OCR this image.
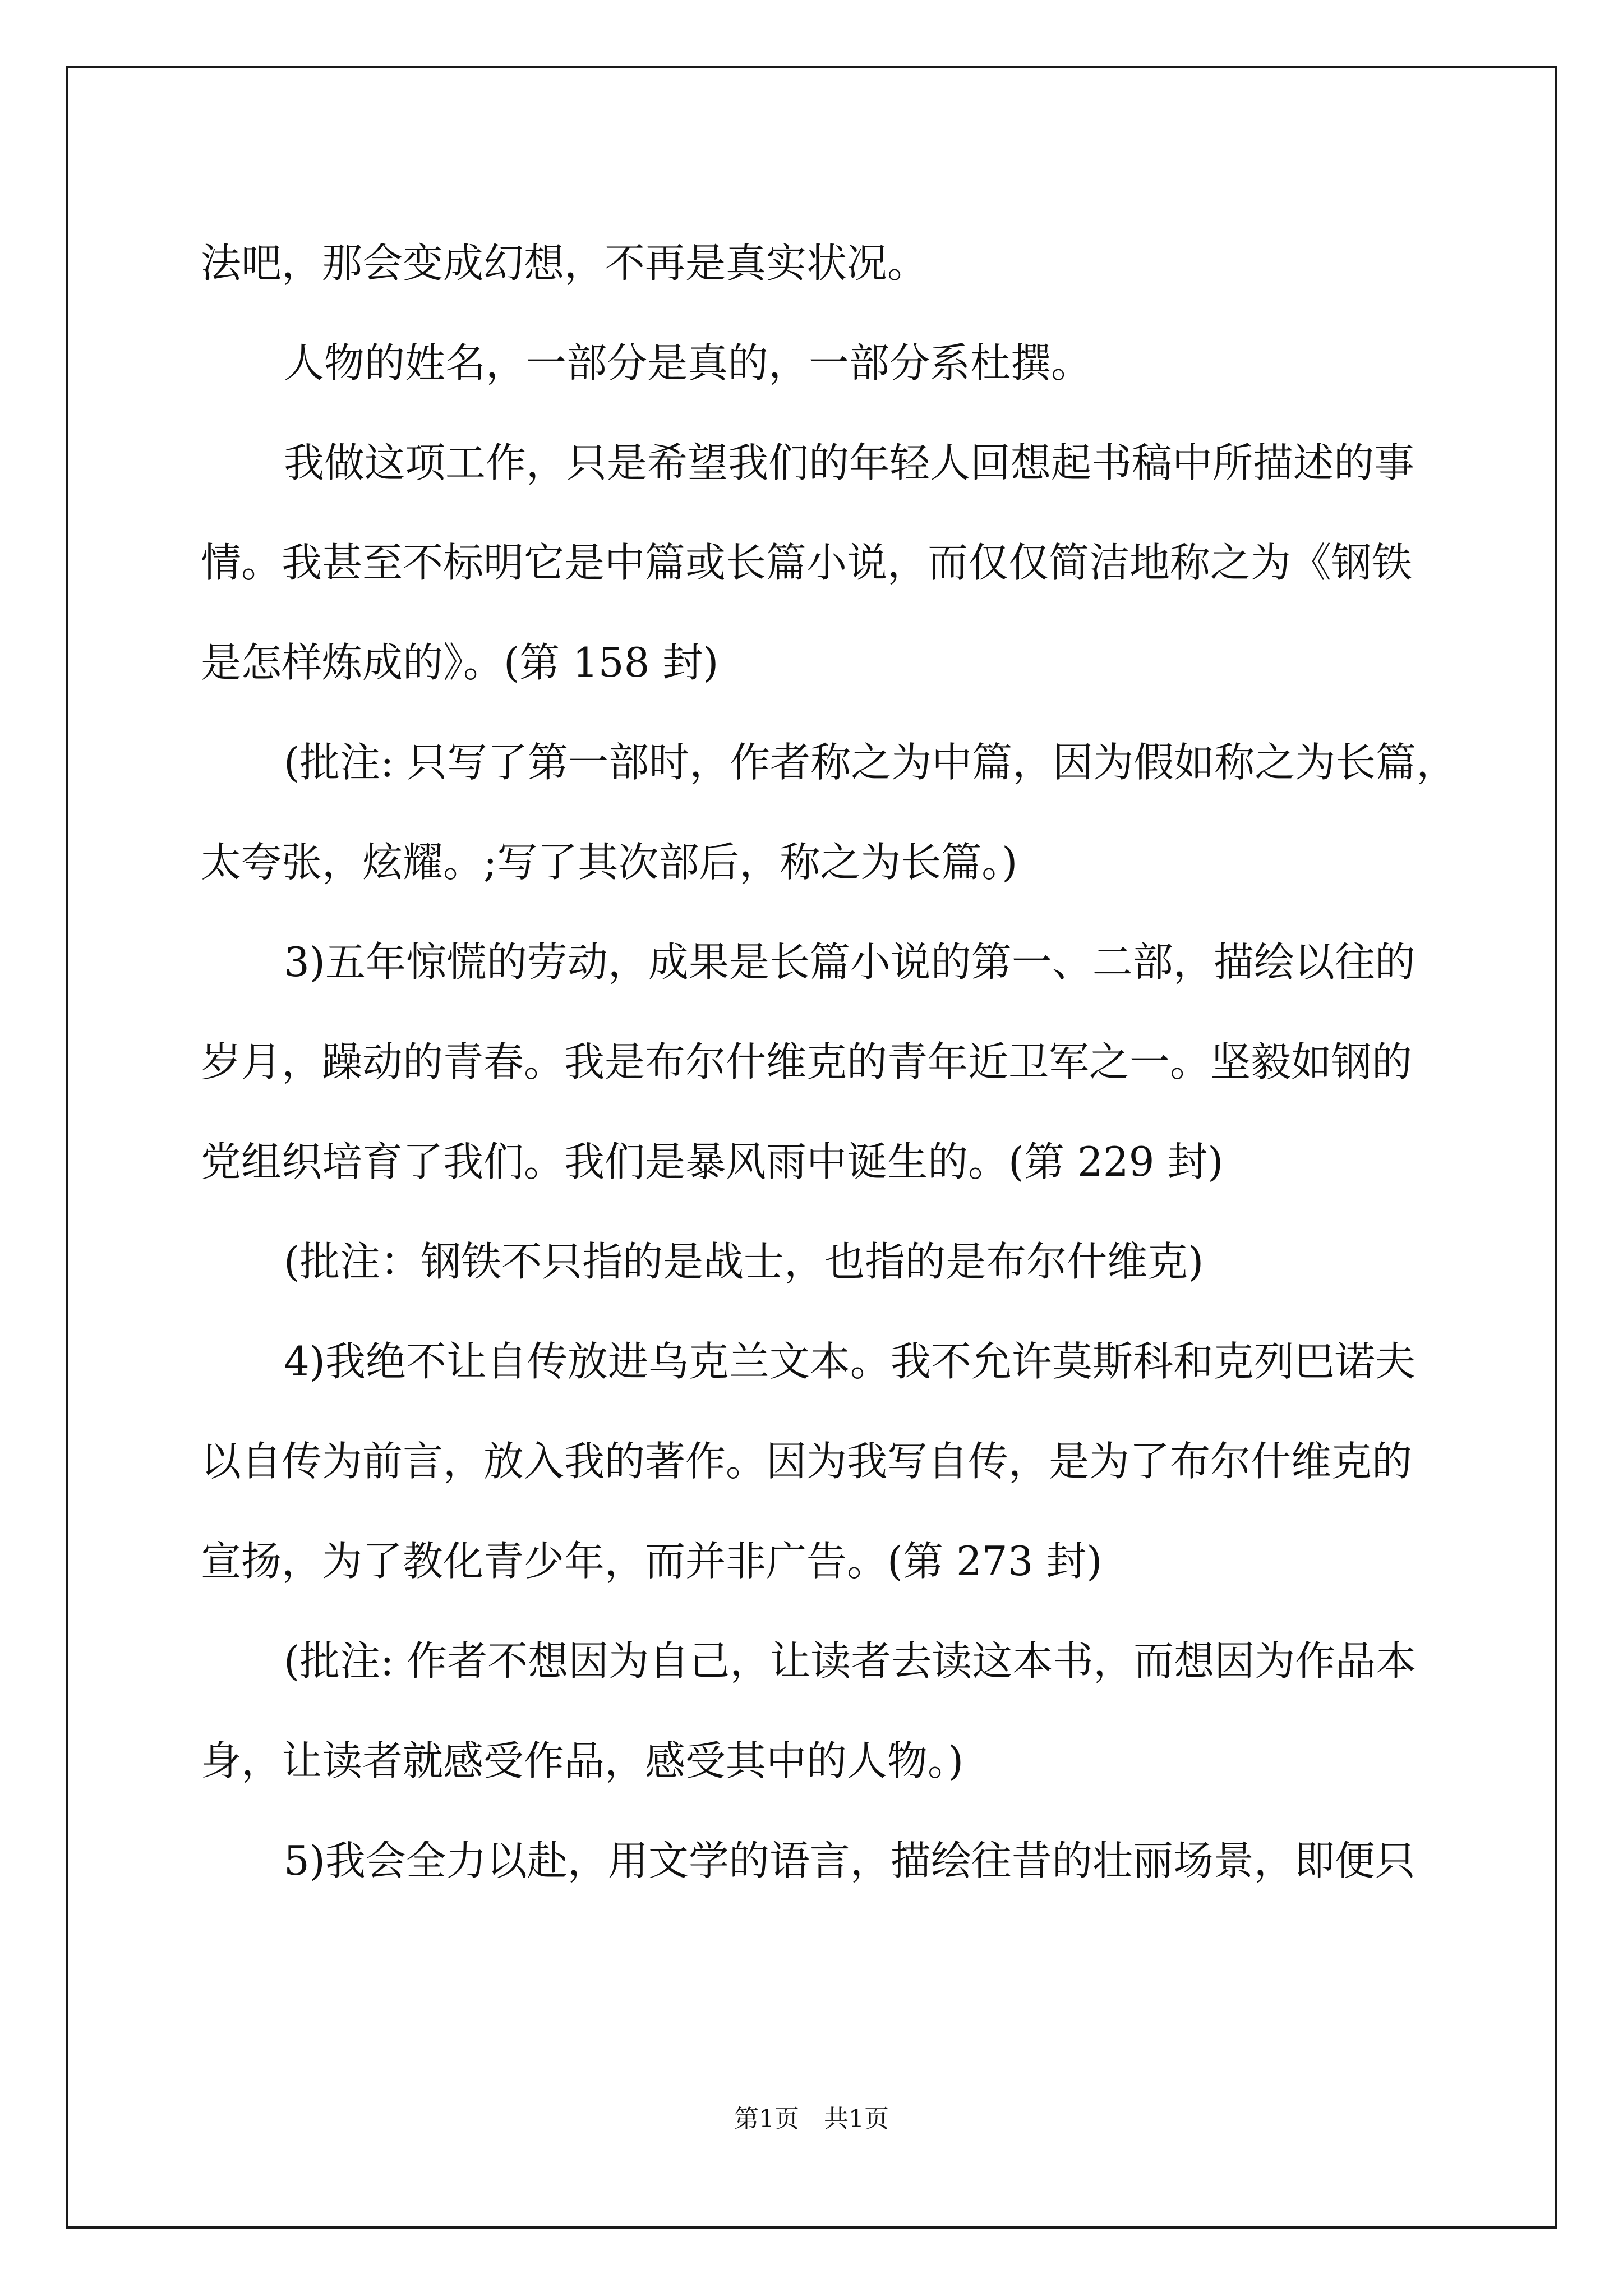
法吧，那会变成幻想，不再是真实状况。
人物的姓名，一部分是真的，一部分系杜撰。
我做这项工作，只是希望我们的年轻人回想起书稿中所描述的事
情。我甚至不标明它是中篇或长篇小说，而仅仅简洁地称之为《钢铁
是怎样炼成的》。(第 158 封)
(批注: 只写了第一部时，作者称之为中篇，因为假如称之为长篇，
太夸张，炫耀。;写了其次部后，称之为长篇。)
3)五年惊慌的劳动，成果是长篇小说的第一、二部，描绘以往的
岁月，躁动的青春。我是布尔什维克的青年近卫军之一。坚毅如钢的
党组织培育了我们。我们是暴风雨中诞生的。(第 229 封)
(批注：钢铁不只指的是战士，也指的是布尔什维克)
4)我绝不让自传放进乌克兰文本。我不允许莫斯科和克列巴诺夫
以自传为前言，放入我的著作。因为我写自传，是为了布尔什维克的
宣扬，为了教化青少年，而并非广告。(第 273 封)
(批注: 作者不想因为自己，让读者去读这本书，而想因为作品本
身，让读者就感受作品，感受其中的人物。)
5)我会全力以赴，用文学的语言，描绘往昔的壮丽场景，即便只
第1页　共1页
